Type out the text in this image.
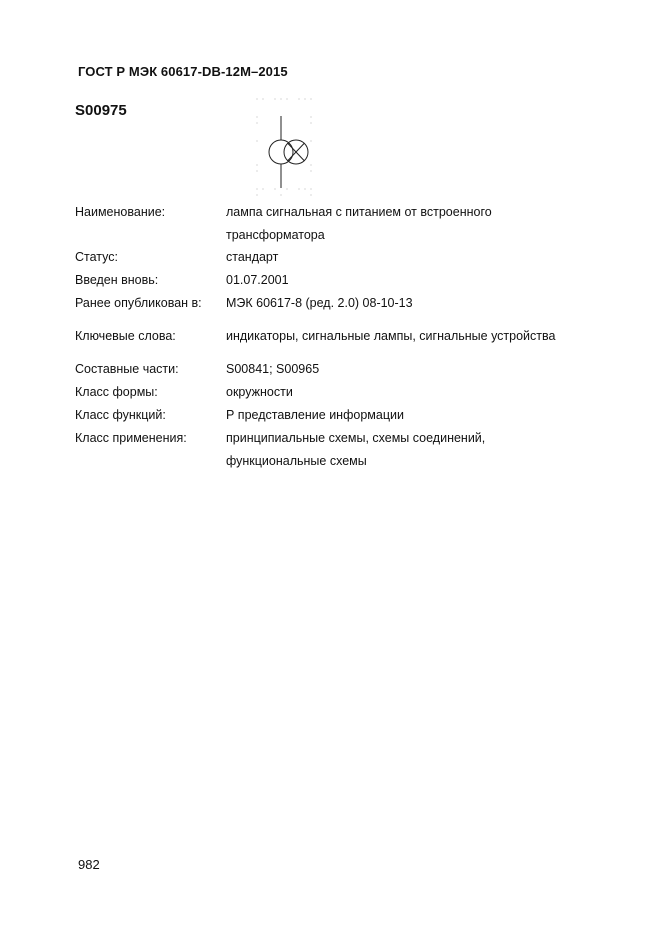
ГОСТ Р МЭК 60617-DB-12M–2015
S00975
Наименование:	лампа сигнальная с питанием от встроенного
трансформатора
Статус:	стандарт
Введен вновь:	01.07.2001
Ранее опубликован в:	МЭК 60617-8 (ред. 2.0) 08-10-13
Ключевые слова:	индикаторы, сигнальные лампы, сигнальные устройства
Составные части:	S00841; S00965
Класс формы:	окружности
Класс функций:	Р представление информации
Класс применения:	принципиальные схемы, схемы соединений,
функциональные схемы
982
